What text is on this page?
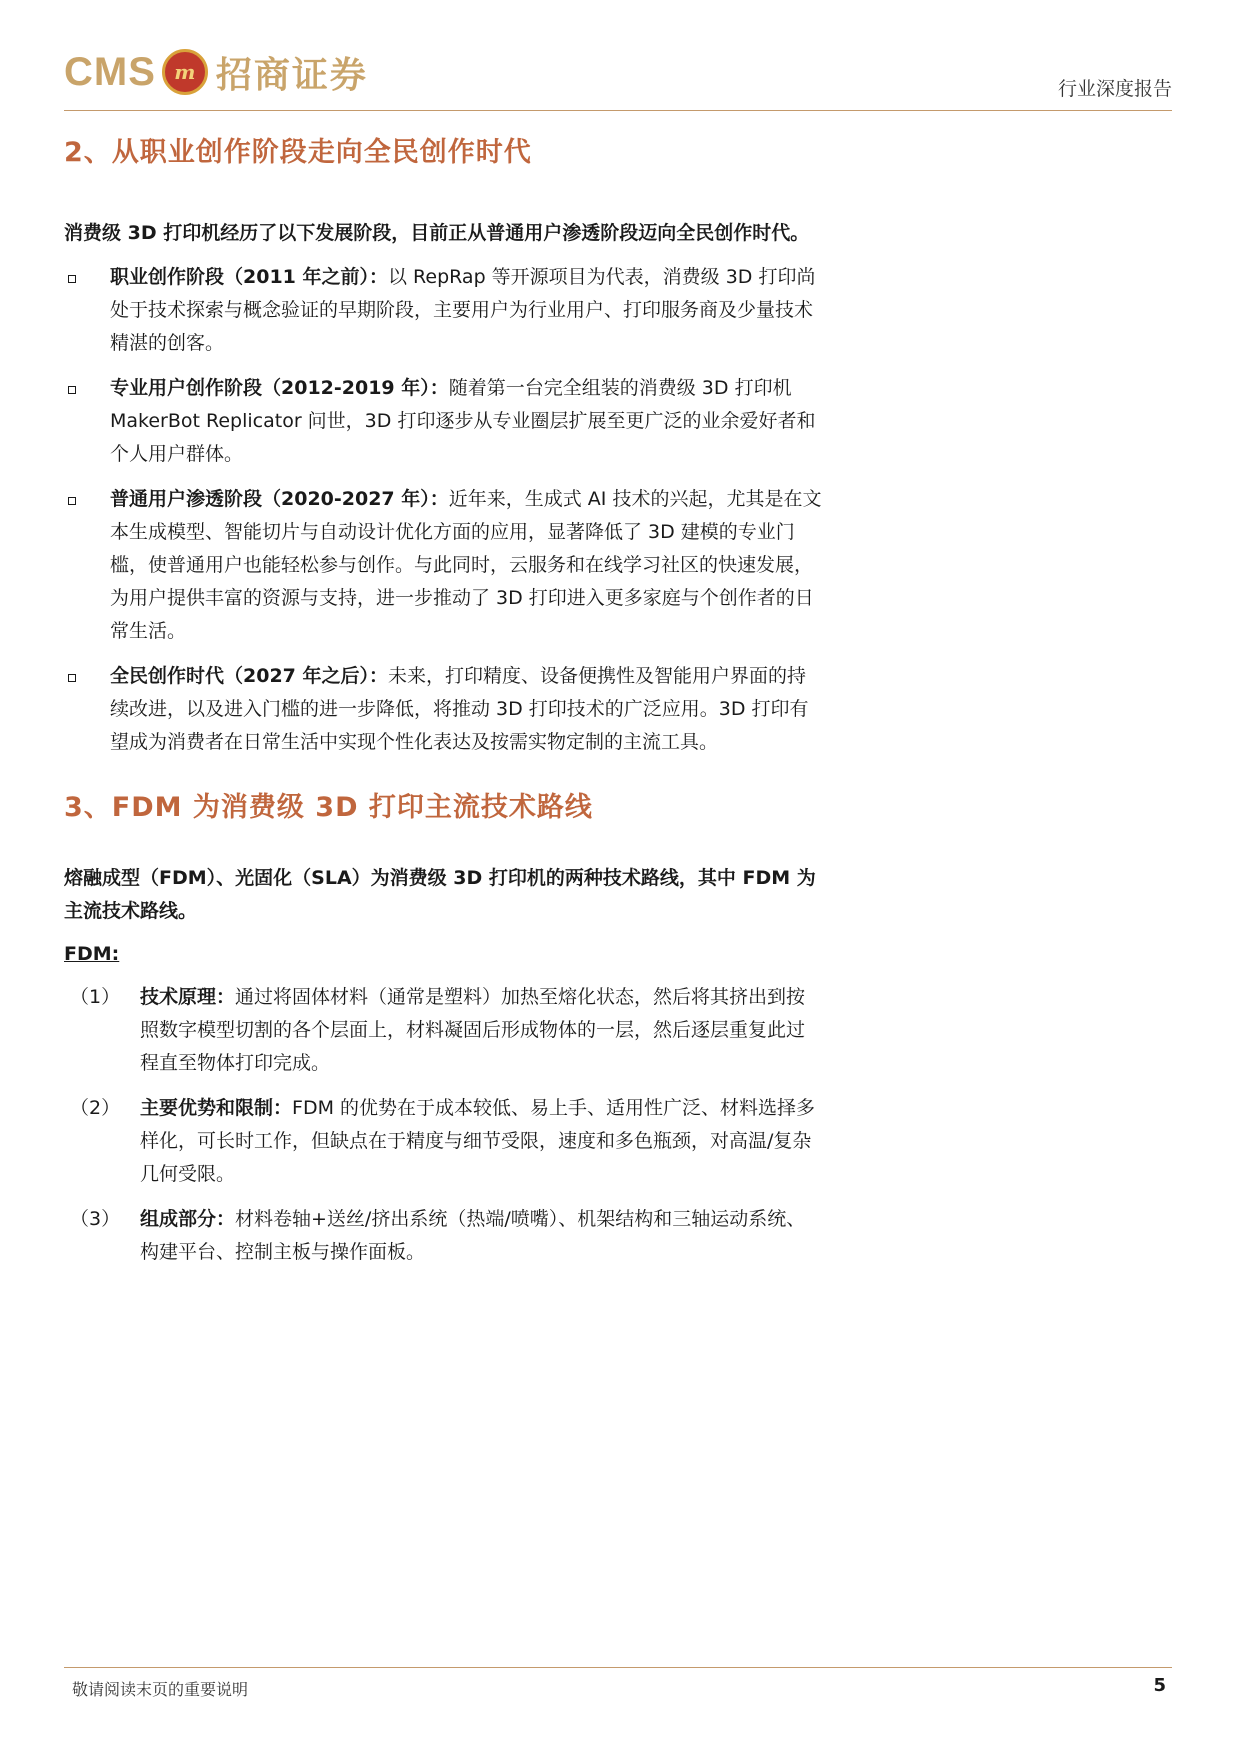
CMS m 招商证券	行业深度报告
2、从职业创作阶段走向全民创作时代

消费级 3D 打印机经历了以下发展阶段，目前正从普通用户渗透阶段迈向全民创作时代。

职业创作阶段（2011 年之前）：以 RepRap 等开源项目为代表，消费级 3D 打印尚处于技术探索与概念验证的早期阶段，主要用户为行业用户、打印服务商及少量技术精湛的创客。
专业用户创作阶段（2012-2019 年）：随着第一台完全组装的消费级 3D 打印机 MakerBot Replicator 问世，3D 打印逐步从专业圈层扩展至更广泛的业余爱好者和个人用户群体。
普通用户渗透阶段（2020-2027 年）：近年来，生成式 AI 技术的兴起，尤其是在文本生成模型、智能切片与自动设计优化方面的应用，显著降低了 3D 建模的专业门槛，使普通用户也能轻松参与创作。与此同时，云服务和在线学习社区的快速发展，为用户提供丰富的资源与支持，进一步推动了 3D 打印进入更多家庭与个创作者的日常生活。
全民创作时代（2027 年之后）：未来，打印精度、设备便携性及智能用户界面的持续改进，以及进入门槛的进一步降低，将推动 3D 打印技术的广泛应用。3D 打印有望成为消费者在日常生活中实现个性化表达及按需实物定制的主流工具。
3、FDM 为消费级 3D 打印主流技术路线

熔融成型（FDM）、光固化（SLA）为消费级 3D 打印机的两种技术路线，其中 FDM 为主流技术路线。

FDM:

（1） 技术原理：通过将固体材料（通常是塑料）加热至熔化状态，然后将其挤出到按照数字模型切割的各个层面上，材料凝固后形成物体的一层，然后逐层重复此过程直至物体打印完成。
（2） 主要优势和限制：FDM 的优势在于成本较低、易上手、适用性广泛、材料选择多样化，可长时工作，但缺点在于精度与细节受限，速度和多色瓶颈，对高温/复杂几何受限。
（3） 组成部分：材料卷轴+送丝/挤出系统（热端/喷嘴）、机架结构和三轴运动系统、构建平台、控制主板与操作面板。
敬请阅读末页的重要说明	5
